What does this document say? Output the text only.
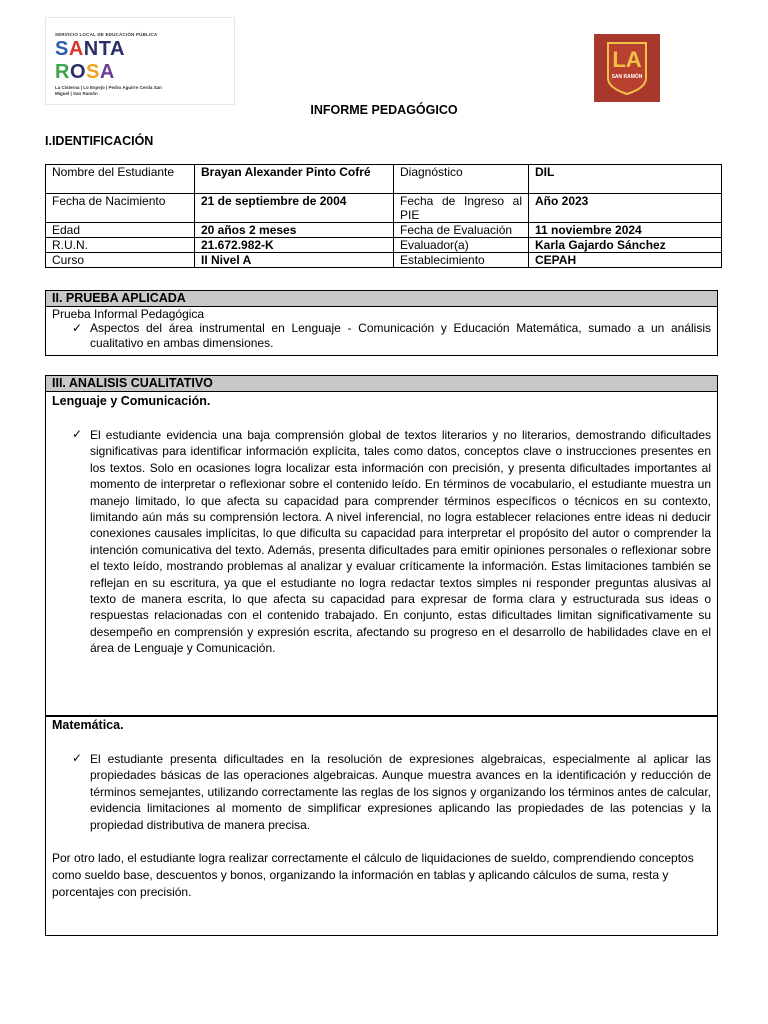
SERVICIO LOCAL DE EDUCACIÓN PÚBLICA
SANTA
ROSA
La Cisterna | Lo Espejo | Pedro Aguirre Cerda San Miguel | San Ramón
LA
SAN RAMÓN
INFORME PEDAGÓGICO
I.IDENTIFICACIÓN
Nombre del Estudiante	Brayan Alexander Pinto Cofré	Diagnóstico	DIL
Fecha de Nacimiento	21 de septiembre de 2004	Fecha de Ingreso al PIE	Año 2023
Edad	20 años 2 meses	Fecha de Evaluación	11 noviembre 2024
R.U.N.	21.672.982-K	Evaluador(a)	Karla Gajardo Sánchez
Curso	II Nivel A	Establecimiento	CEPAH
II. PRUEBA APLICADA
Prueba Informal Pedagógica
✓ Aspectos del área instrumental en Lenguaje - Comunicación y Educación Matemática, sumado a un análisis cualitativo en ambas dimensiones.
III. ANALISIS CUALITATIVO
Lenguaje y Comunicación.
✓ El estudiante evidencia una baja comprensión global de textos literarios y no literarios, demostrando dificultades significativas para identificar información explícita, tales como datos, conceptos clave o instrucciones presentes en los textos. Solo en ocasiones logra localizar esta información con precisión, y presenta dificultades importantes al momento de interpretar o reflexionar sobre el contenido leído. En términos de vocabulario, el estudiante muestra un manejo limitado, lo que afecta su capacidad para comprender términos específicos o técnicos en su contexto, limitando aún más su comprensión lectora. A nivel inferencial, no logra establecer relaciones entre ideas ni deducir conexiones causales implícitas, lo que dificulta su capacidad para interpretar el propósito del autor o comprender la intención comunicativa del texto. Además, presenta dificultades para emitir opiniones personales o reflexionar sobre el texto leído, mostrando problemas al analizar y evaluar críticamente la información. Estas limitaciones también se reflejan en su escritura, ya que el estudiante no logra redactar textos simples ni responder preguntas alusivas al texto de manera escrita, lo que afecta su capacidad para expresar de forma clara y estructurada sus ideas o respuestas relacionadas con el contenido trabajado. En conjunto, estas dificultades limitan significativamente su desempeño en comprensión y expresión escrita, afectando su progreso en el desarrollo de habilidades clave en el área de Lenguaje y Comunicación.
Matemática.
✓ El estudiante presenta dificultades en la resolución de expresiones algebraicas, especialmente al aplicar las propiedades básicas de las operaciones algebraicas. Aunque muestra avances en la identificación y reducción de términos semejantes, utilizando correctamente las reglas de los signos y organizando los términos antes de calcular, evidencia limitaciones al momento de simplificar expresiones aplicando las propiedades de las potencias y la propiedad distributiva de manera precisa.
Por otro lado, el estudiante logra realizar correctamente el cálculo de liquidaciones de sueldo, comprendiendo conceptos como sueldo base, descuentos y bonos, organizando la información en tablas y aplicando cálculos de suma, resta y porcentajes con precisión.
